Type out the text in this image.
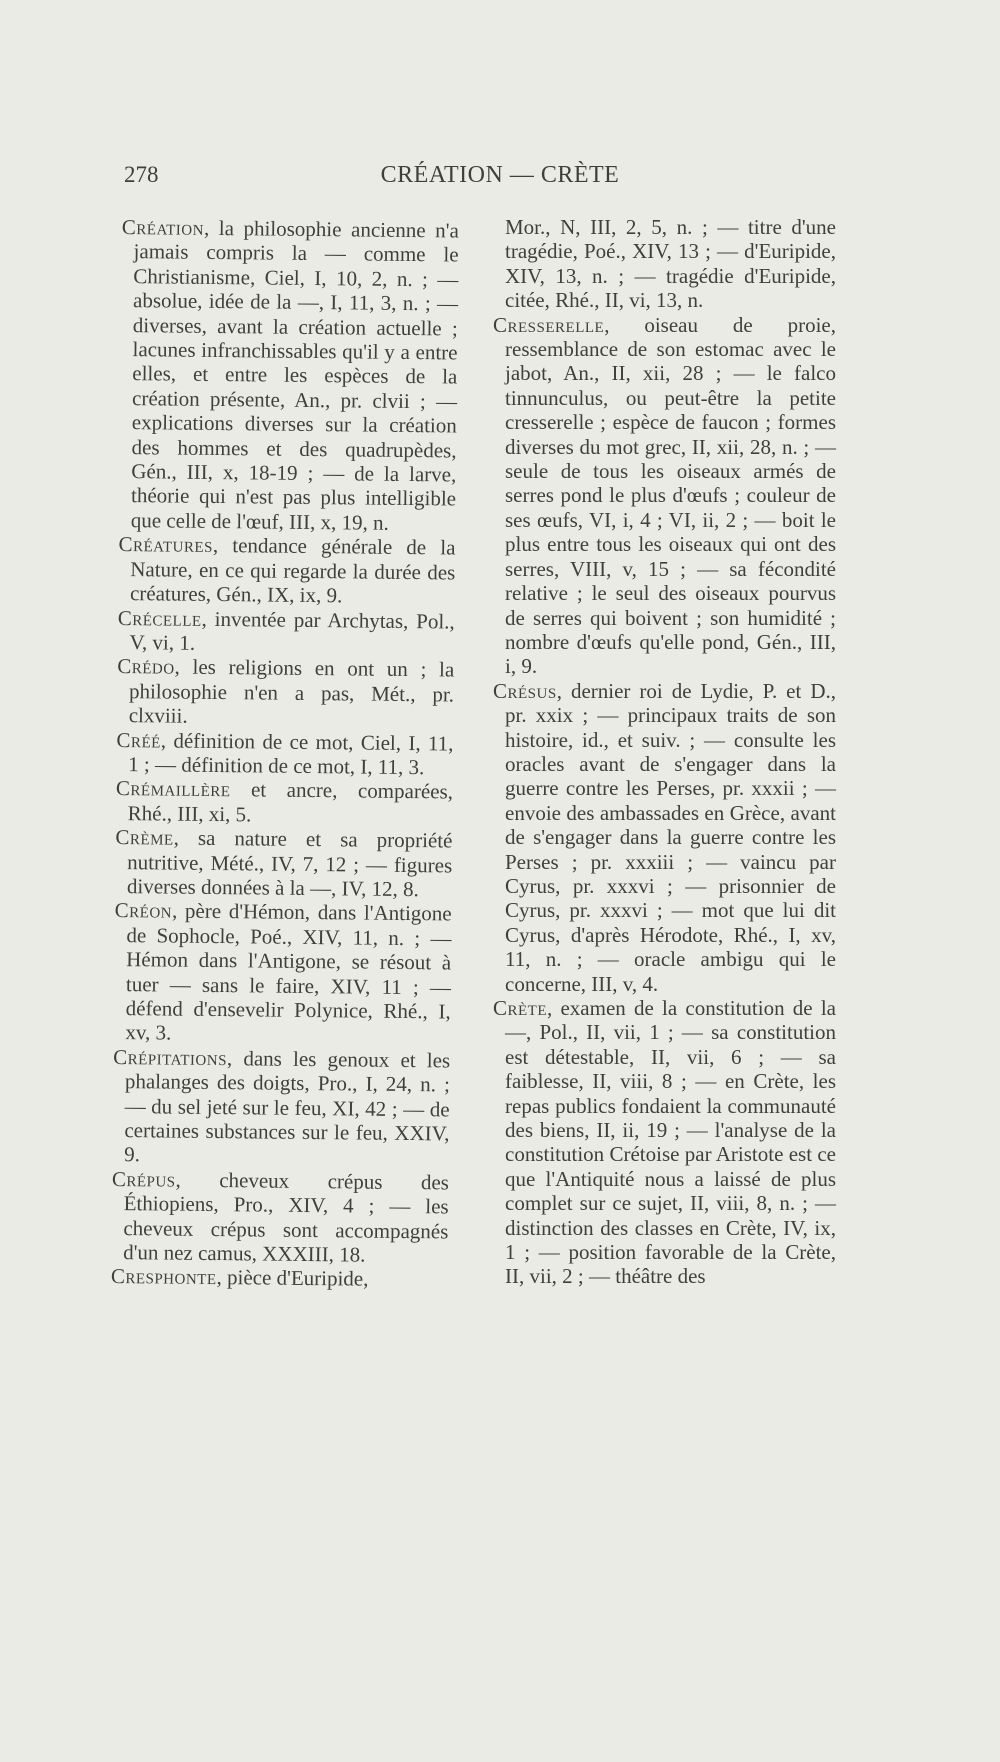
278	CRÉATION — CRÈTE

Création, la philosophie ancienne n'a jamais compris la — comme le Christianisme, Ciel, I, 10, 2, n. ; — absolue, idée de la —, I, 11, 3, n. ; — diverses, avant la création actuelle ; lacunes infranchissables qu'il y a entre elles, et entre les espèces de la création présente, An., pr. clvii ; — explications diverses sur la création des hommes et des quadrupèdes, Gén., III, x, 18-19 ; — de la larve, théorie qui n'est pas plus intelligible que celle de l'œuf, III, x, 19, n.

Créatures, tendance générale de la Nature, en ce qui regarde la durée des créatures, Gén., IX, ix, 9.

Crécelle, inventée par Archytas, Pol., V, vi, 1.

Crédo, les religions en ont un ; la philosophie n'en a pas, Mét., pr. clxviii.

Créé, définition de ce mot, Ciel, I, 11, 1 ; — définition de ce mot, I, 11, 3.

Crémaillère et ancre, comparées, Rhé., III, xi, 5.

Crème, sa nature et sa propriété nutritive, Mété., IV, 7, 12 ; — figures diverses données à la —, IV, 12, 8.

Créon, père d'Hémon, dans l'Antigone de Sophocle, Poé., XIV, 11, n. ; — Hémon dans l'Antigone, se résout à tuer — sans le faire, XIV, 11 ; — défend d'ensevelir Polynice, Rhé., I, xv, 3.

Crépitations, dans les genoux et les phalanges des doigts, Pro., I, 24, n. ; — du sel jeté sur le feu, XI, 42 ; — de certaines substances sur le feu, XXIV, 9.

Crépus, cheveux crépus des Éthiopiens, Pro., XIV, 4 ; — les cheveux crépus sont accompagnés d'un nez camus, XXXIII, 18.

Cresphonte, pièce d'Euripide,

Mor., N, III, 2, 5, n. ; — titre d'une tragédie, Poé., XIV, 13 ; — d'Euripide, XIV, 13, n. ; — tragédie d'Euripide, citée, Rhé., II, vi, 13, n.

Cresserelle, oiseau de proie, ressemblance de son estomac avec le jabot, An., II, xii, 28 ; — le falco tinnunculus, ou peut-être la petite cresserelle ; espèce de faucon ; formes diverses du mot grec, II, xii, 28, n. ; — seule de tous les oiseaux armés de serres pond le plus d'œufs ; couleur de ses œufs, VI, i, 4 ; VI, ii, 2 ; — boit le plus entre tous les oiseaux qui ont des serres, VIII, v, 15 ; — sa fécondité relative ; le seul des oiseaux pourvus de serres qui boivent ; son humidité ; nombre d'œufs qu'elle pond, Gén., III, i, 9.

Crésus, dernier roi de Lydie, P. et D., pr. xxix ; — principaux traits de son histoire, id., et suiv. ; — consulte les oracles avant de s'engager dans la guerre contre les Perses, pr. xxxii ; — envoie des ambassades en Grèce, avant de s'engager dans la guerre contre les Perses ; pr. xxxiii ; — vaincu par Cyrus, pr. xxxvi ; — prisonnier de Cyrus, pr. xxxvi ; — mot que lui dit Cyrus, d'après Hérodote, Rhé., I, xv, 11, n. ; — oracle ambigu qui le concerne, III, v, 4.

Crète, examen de la constitution de la —, Pol., II, vii, 1 ; — sa constitution est détestable, II, vii, 6 ; — sa faiblesse, II, viii, 8 ; — en Crète, les repas publics fondaient la communauté des biens, II, ii, 19 ; — l'analyse de la constitution Crétoise par Aristote est ce que l'Antiquité nous a laissé de plus complet sur ce sujet, II, viii, 8, n. ; — distinction des classes en Crète, IV, ix, 1 ; — position favorable de la Crète, II, vii, 2 ; — théâtre des
